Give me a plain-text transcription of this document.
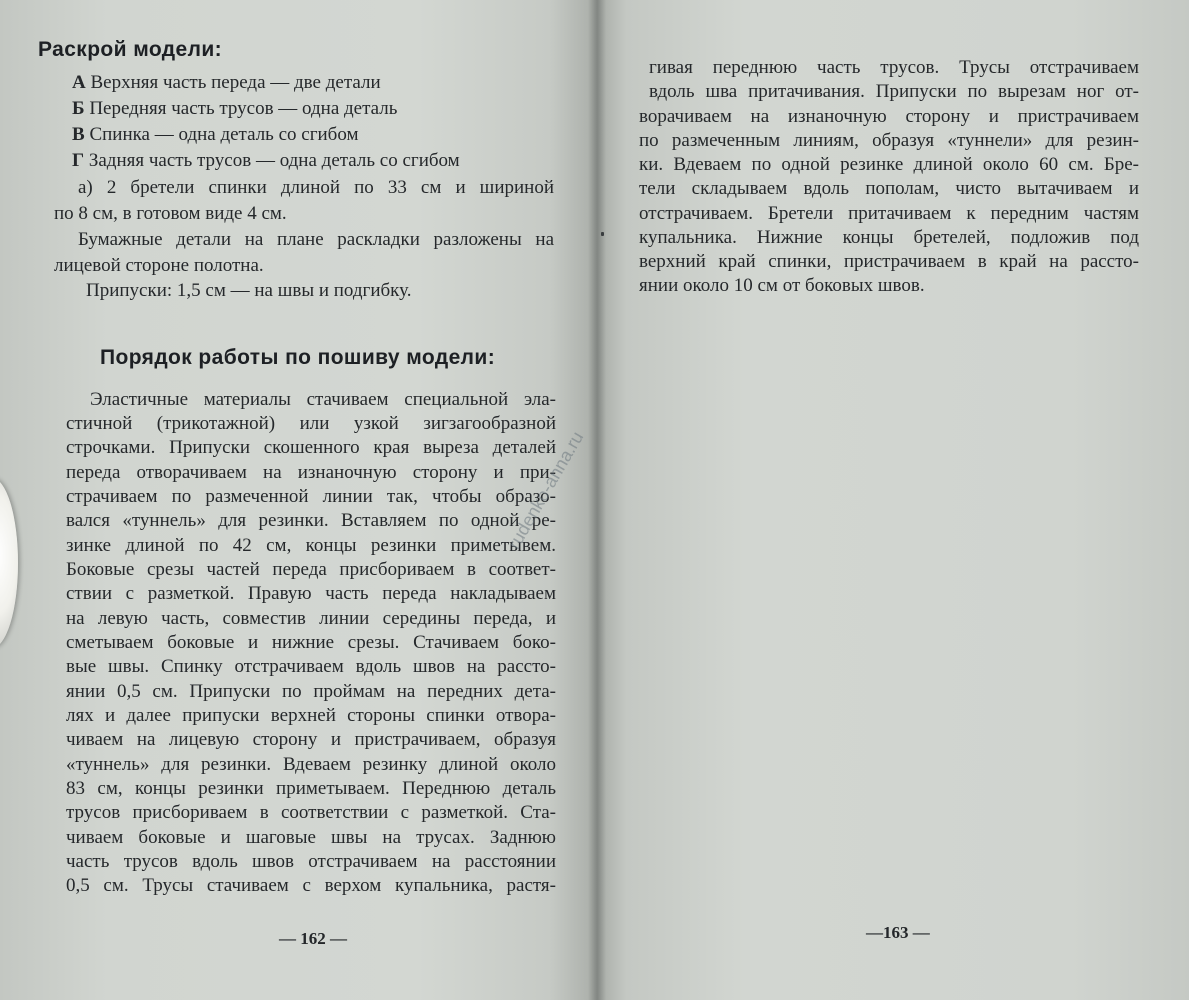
Раскрой модели:

А Верхняя часть переда — две детали

Б Передняя часть трусов — одна деталь

В Спинка — одна деталь со сгибом

Г Задняя часть трусов — одна деталь со сгибом

а) 2 бретели спинки длиной по 33 см и шириной

по 8 см, в готовом виде 4 см.

Бумажные детали на плане раскладки разложены на

лицевой стороне полотна.

Припуски: 1,5 см — на швы и подгибку.

Порядок работы по пошиву модели:

Эластичные материалы стачиваем специальной эла-

стичной (трикотажной) или узкой зигзагообразной

строчками. Припуски скошенного края выреза деталей

переда отворачиваем на изнаночную сторону и при-

страчиваем по размеченной линии так, чтобы образо-

вался «туннель» для резинки. Вставляем по одной ре-

зинке длиной по 42 см, концы резинки приметывем.

Боковые срезы частей переда присбориваем в соответ-

ствии с разметкой. Правую часть переда накладываем

на левую часть, совместив линии середины переда, и

сметываем боковые и нижние срезы. Стачиваем боко-

вые швы. Спинку отстрачиваем вдоль швов на рассто-

янии 0,5 см. Припуски по проймам на передних дета-

лях и далее припуски верхней стороны спинки отвора-

чиваем на лицевую сторону и пристрачиваем, образуя

«туннель» для резинки. Вдеваем резинку длиной около

83 см, концы резинки приметываем. Переднюю деталь

трусов присбориваем в соответствии с разметкой. Ста-

чиваем боковые и шаговые швы на трусах. Заднюю

часть трусов вдоль швов отстрачиваем на расстоянии

0,5 см. Трусы стачиваем с верхом купальника, растя-

rudenko-anna.ru
— 162 —

гивая переднюю часть трусов. Трусы отстрачиваем

вдоль шва притачивания. Припуски по вырезам ног от-

ворачиваем на изнаночную сторону и пристрачиваем

по размеченным линиям, образуя «туннели» для резин-

ки. Вдеваем по одной резинке длиной около 60 см. Бре-

тели складываем вдоль пополам, чисто вытачиваем и

отстрачиваем. Бретели притачиваем к передним частям

купальника. Нижние концы бретелей, подложив под

верхний край спинки, пристрачиваем в край на рассто-

янии около 10 см от боковых швов.

—163 —
